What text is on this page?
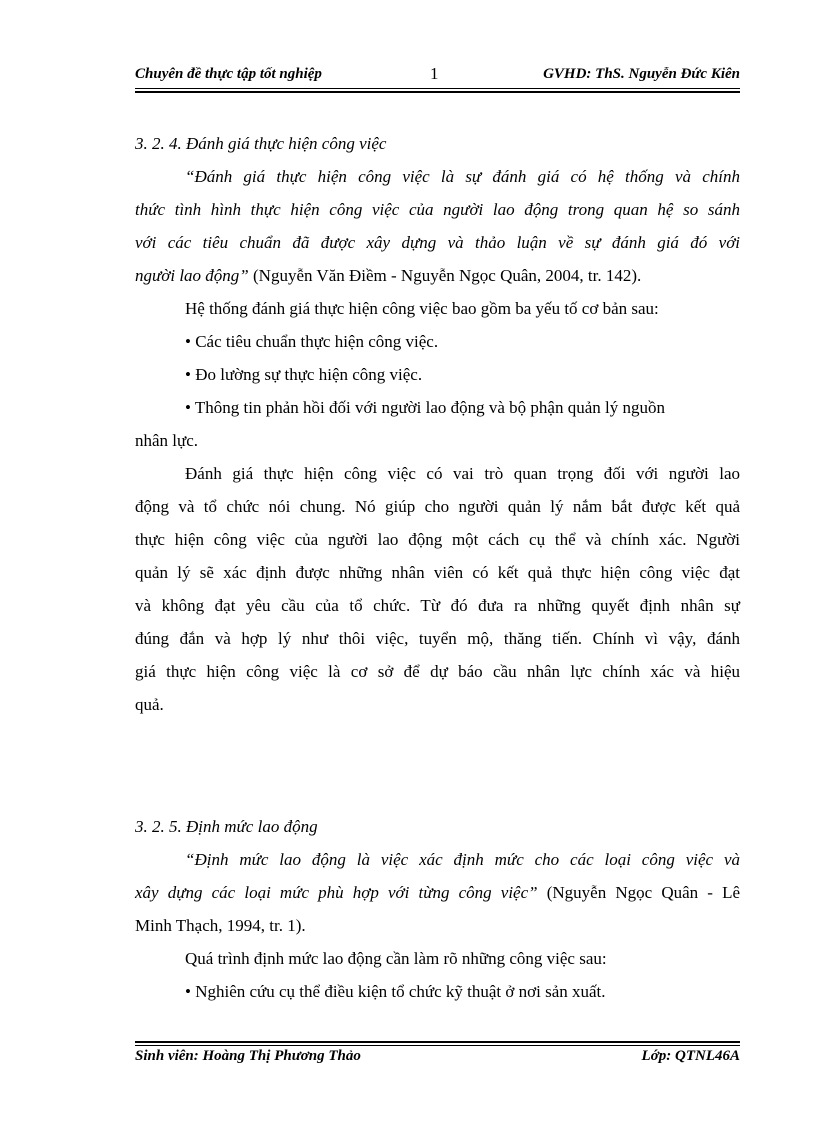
Chuyên đề thực tập tốt nghiệp	1	GVHD: ThS. Nguyễn Đức Kiên
3. 2. 4. Đánh giá thực hiện công việc
“Đánh giá thực hiện công việc là sự đánh giá có hệ thống và chính
thức tình hình thực hiện công việc của người lao động trong quan hệ so sánh
với các tiêu chuẩn đã được xây dựng và thảo luận về sự đánh giá đó với
người lao động” (Nguyễn Văn Điềm - Nguyễn Ngọc Quân, 2004, tr. 142).
Hệ thống đánh giá thực hiện công việc bao gồm ba yếu tố cơ bản sau:
• Các tiêu chuẩn thực hiện công việc.
• Đo lường sự thực hiện công việc.
• Thông tin phản hồi đối với người lao động và bộ phận quản lý nguồn
nhân lực.
Đánh giá thực hiện công việc có vai trò quan trọng đối với người lao
động và tổ chức nói chung. Nó giúp cho người quản lý nắm bắt được kết quả
thực hiện công việc của người lao động một cách cụ thể và chính xác. Người
quản lý sẽ xác định được những nhân viên có kết quả thực hiện công việc đạt
và không đạt yêu cầu của tổ chức. Từ đó đưa ra những quyết định nhân sự
đúng đắn và hợp lý như thôi việc, tuyển mộ, thăng tiến. Chính vì vậy, đánh
giá thực hiện công việc là cơ sở để dự báo cầu nhân lực chính xác và hiệu
quả.
3. 2. 5. Định mức lao động
“Định mức lao động là việc xác định mức cho các loại công việc và
xây dựng các loại mức phù hợp với từng công việc” (Nguyễn Ngọc Quân - Lê
Minh Thạch, 1994, tr. 1).
Quá trình định mức lao động cần làm rõ những công việc sau:
• Nghiên cứu cụ thể điều kiện tổ chức kỹ thuật ở nơi sản xuất.
Sinh viên: Hoàng Thị Phương Thảo	Lớp: QTNL46A
